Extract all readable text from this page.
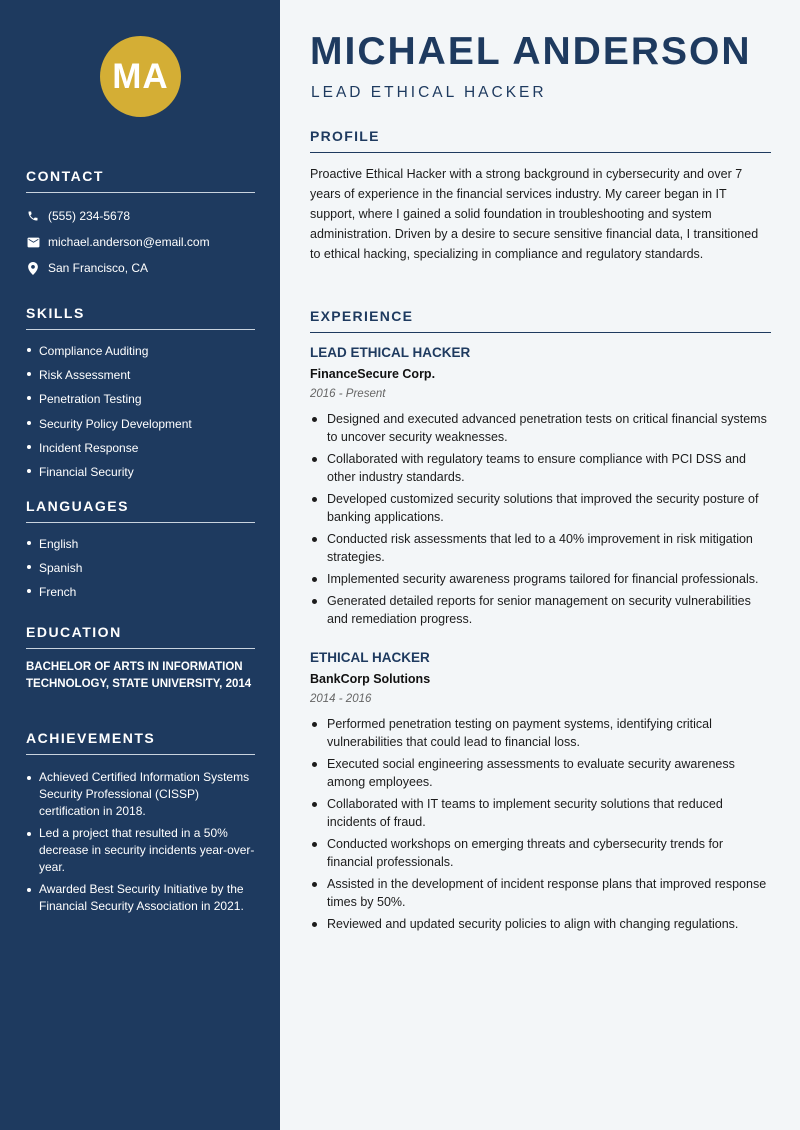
MA
CONTACT
(555) 234-5678
michael.anderson@email.com
San Francisco, CA
SKILLS
Compliance Auditing
Risk Assessment
Penetration Testing
Security Policy Development
Incident Response
Financial Security
LANGUAGES
English
Spanish
French
EDUCATION
BACHELOR OF ARTS IN INFORMATION TECHNOLOGY, STATE UNIVERSITY, 2014
ACHIEVEMENTS
Achieved Certified Information Systems Security Professional (CISSP) certification in 2018.
Led a project that resulted in a 50% decrease in security incidents year-over-year.
Awarded Best Security Initiative by the Financial Security Association in 2021.
MICHAEL ANDERSON
LEAD ETHICAL HACKER
PROFILE

Proactive Ethical Hacker with a strong background in cybersecurity and over 7 years of experience in the financial services industry. My career began in IT support, where I gained a solid foundation in troubleshooting and system administration. Driven by a desire to secure sensitive financial data, I transitioned to ethical hacking, specializing in compliance and regulatory standards.

EXPERIENCE
LEAD ETHICAL HACKER
FinanceSecure Corp.
2016 - Present
Designed and executed advanced penetration tests on critical financial systems to uncover security weaknesses.
Collaborated with regulatory teams to ensure compliance with PCI DSS and other industry standards.
Developed customized security solutions that improved the security posture of banking applications.
Conducted risk assessments that led to a 40% improvement in risk mitigation strategies.
Implemented security awareness programs tailored for financial professionals.
Generated detailed reports for senior management on security vulnerabilities and remediation progress.
ETHICAL HACKER
BankCorp Solutions
2014 - 2016
Performed penetration testing on payment systems, identifying critical vulnerabilities that could lead to financial loss.
Executed social engineering assessments to evaluate security awareness among employees.
Collaborated with IT teams to implement security solutions that reduced incidents of fraud.
Conducted workshops on emerging threats and cybersecurity trends for financial professionals.
Assisted in the development of incident response plans that improved response times by 50%.
Reviewed and updated security policies to align with changing regulations.
